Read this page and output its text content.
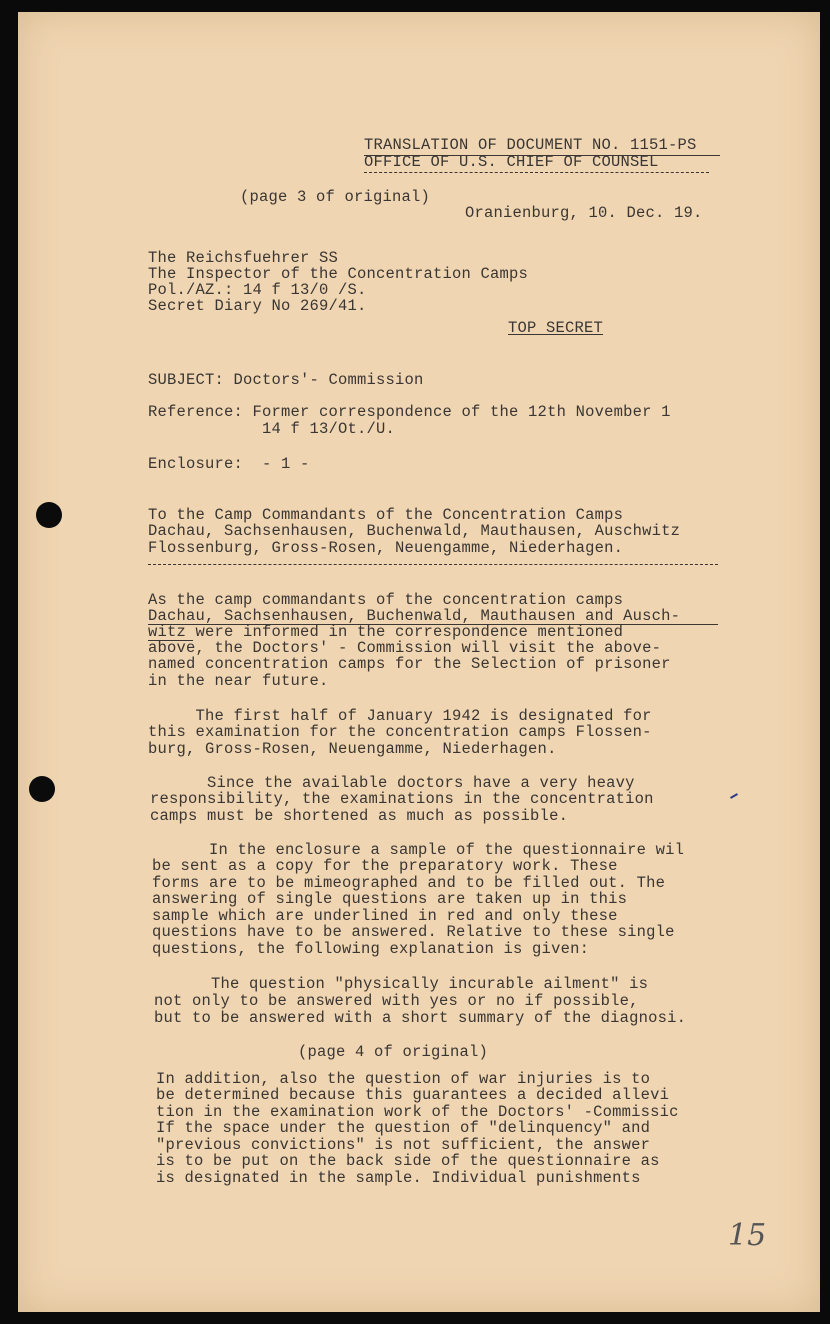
TRANSLATION OF DOCUMENT NO. 1151-PS
OFFICE OF U.S. CHIEF OF COUNSEL
(page 3 of original)
Oranienburg, 10. Dec. 19.
The Reichsfuehrer SS
The Inspector of the Concentration Camps
Pol./AZ.: 14 f 13/0 /S.
Secret Diary No 269/41.
TOP SECRET
SUBJECT: Doctors'- Commission
Reference: Former correspondence of the 12th November 1
14 f 13/Ot./U.
Enclosure:  - 1 -
To the Camp Commandants of the Concentration Camps
Dachau, Sachsenhausen, Buchenwald, Mauthausen, Auschwitz
Flossenburg, Gross-Rosen, Neuengamme, Niederhagen.
As the camp commandants of the concentration camps
Dachau, Sachsenhausen, Buchenwald, Mauthausen and Ausch-
witz were informed in the correspondence mentioned
above, the Doctors' - Commission will visit the above-
named concentration camps for the Selection of prisoner
in the near future.
The first half of January 1942 is designated for
this examination for the concentration camps Flossen-
burg, Gross-Rosen, Neuengamme, Niederhagen.
Since the available doctors have a very heavy
responsibility, the examinations in the concentration
camps must be shortened as much as possible.
In the enclosure a sample of the questionnaire wil
be sent as a copy for the preparatory work. These
forms are to be mimeographed and to be filled out. The
answering of single questions are taken up in this
sample which are underlined in red and only these
questions have to be answered. Relative to these single
questions, the following explanation is given:
The question "physically incurable ailment" is
not only to be answered with yes or no if possible,
but to be answered with a short summary of the diagnosi.
(page 4 of original)
In addition, also the question of war injuries is to
be determined because this guarantees a decided allevi
tion in the examination work of the Doctors' -Commissic
If the space under the question of "delinquency" and
"previous convictions" is not sufficient, the answer
is to be put on the back side of the questionnaire as
is designated in the sample. Individual punishments
15
